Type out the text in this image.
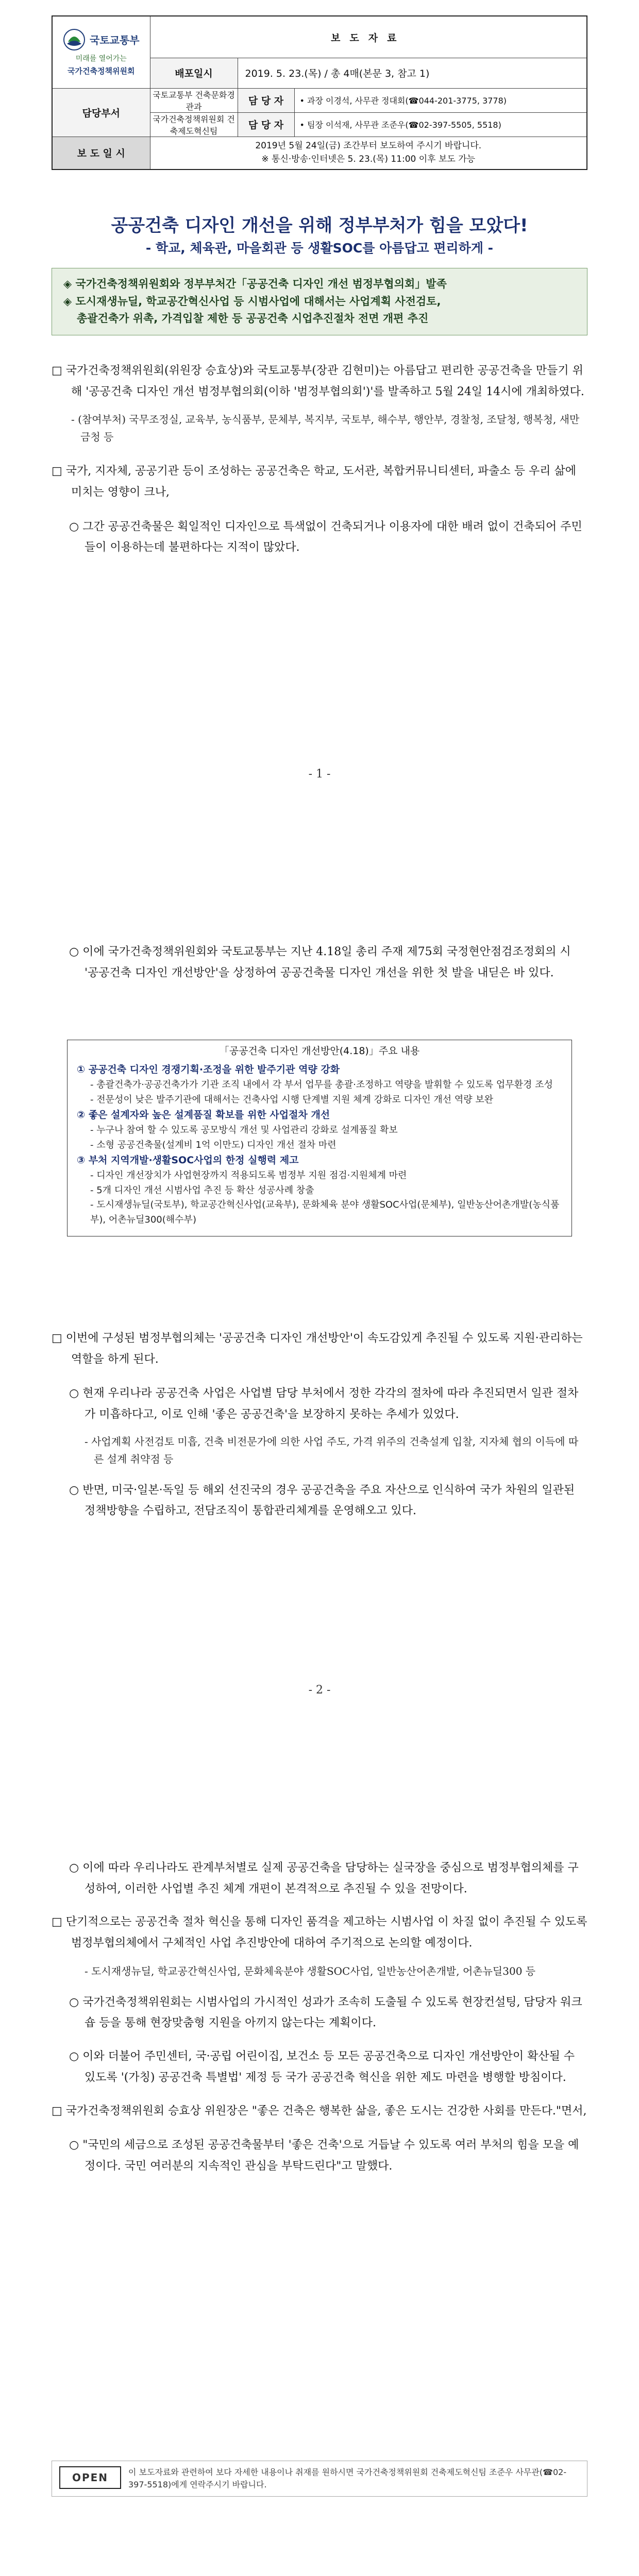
국토교통부
미래를 열어가는
국가건축정책위원회	보도자료		
	배포일시	2019. 5. 23.(목) / 총 4매(본문 3, 참고 1)	
담당부서	국토교통부 건축문화경관과	담 당 자	• 과장 이경석, 사무관 정대회(☎044-201-3775, 3778)
	국가건축정책위원회 건축제도혁신팀	담 당 자	• 팀장 이석재, 사무관 조준우(☎02-397-5505, 5518)
보 도 일 시	2019년 5월 24일(금) 조간부터 보도하여 주시기 바랍니다.
※ 통신·방송·인터넷은 5. 23.(목) 11:00 이후 보도 가능		
공공건축 디자인 개선을 위해 정부부처가 힘을 모았다!
- 학교, 체육관, 마을회관 등 생활SOC를 아름답고 편리하게 -

◈ 국가건축정책위원회와 정부부처간「공공건축 디자인 개선 범정부협의회」발족

◈ 도시재생뉴딜, 학교공간혁신사업 등 시범사업에 대해서는 사업계획 사전검토,

총괄건축가 위촉, 가격입찰 제한 등 공공건축 시업추진절차 전면 개편 추진

□ 국가건축정책위원회(위원장 승효상)와 국토교통부(장관 김현미)는 아름답고 편리한 공공건축을 만들기 위해 '공공건축 디자인 개선 범정부협의회(이하 '범정부협의회')'를 발족하고 5월 24일 14시에 개최하였다.

- (참여부처) 국무조정실, 교육부, 농식품부, 문체부, 복지부, 국토부, 해수부, 행안부, 경찰청, 조달청, 행복청, 새만금청 등

□ 국가, 지자체, 공공기관 등이 조성하는 공공건축은 학교, 도서관, 복합커뮤니티센터, 파출소 등 우리 삶에 미치는 영향이 크나,

○ 그간 공공건축물은 획일적인 디자인으로 특색없이 건축되거나 이용자에 대한 배려 없이 건축되어 주민들이 이용하는데 불편하다는 지적이 많았다.

- 1 -

○ 이에 국가건축정책위원회와 국토교통부는 지난 4.18일 총리 주재 제75회 국정현안점검조정회의 시 '공공건축 디자인 개선방안'을 상정하여 공공건축물 디자인 개선을 위한 첫 발을 내딛은 바 있다.

「공공건축 디자인 개선방안(4.18)」주요 내용
① 공공건축 디자인 경쟁기획·조정을 위한 발주기관 역량 강화
- 총괄건축가·공공건축가가 기관 조직 내에서 각 부서 업무를 총괄·조정하고 역량을 발휘할 수 있도록 업무환경 조성
- 전문성이 낮은 발주기관에 대해서는 건축사업 시행 단계별 지원 체계 강화로 디자인 개선 역량 보완
② 좋은 설계자와 높은 설계품질 확보를 위한 사업절차 개선
- 누구나 참여 할 수 있도록 공모방식 개선 및 사업관리 강화로 설계품질 확보
- 소형 공공건축물(설계비 1억 이만도) 디자인 개선 절차 마련
③ 부처 지역개발·생활SOC사업의 한정 실행력 제고
- 디자인 개선장치가 사업현장까지 적용되도록 범정부 지원 점검·지원체계 마련
- 5개 디자인 개선 시범사업 추진 등 확산 성공사례 창출
- 도시재생뉴딜(국토부), 학교공간혁신사업(교육부), 문화체육 분야 생활SOC사업(문체부), 일반농산어촌개발(농식품부), 어촌뉴딜300(해수부)

□ 이번에 구성된 범정부협의체는 '공공건축 디자인 개선방안'이 속도감있게 추진될 수 있도록 지원·관리하는 역할을 하게 된다.

○ 현재 우리나라 공공건축 사업은 사업별 담당 부처에서 정한 각각의 절차에 따라 추진되면서 일관 절차가 미흡하다고, 이로 인해 '좋은 공공건축'을 보장하지 못하는 추세가 있었다.

- 사업계획 사전검토 미흡, 건축 비전문가에 의한 사업 주도, 가격 위주의 건축설계 입찰, 지자체 협의 이득에 따른 설계 취약점 등

○ 반면, 미국·일본·독일 등 해외 선진국의 경우 공공건축을 주요 자산으로 인식하여 국가 차원의 일관된 정책방향을 수립하고, 전담조직이 통합관리체계를 운영해오고 있다.

- 2 -

○ 이에 따라 우리나라도 관계부처별로 실제 공공건축을 담당하는 실국장을 중심으로 범정부협의체를 구성하여, 이러한 사업별 추진 체계 개편이 본격적으로 추진될 수 있을 전망이다.

□ 단기적으로는 공공건축 절차 혁신을 통해 디자인 품격을 제고하는 시범사업 이 차질 없이 추진될 수 있도록 범정부협의체에서 구체적인 사업 추진방안에 대하여 주기적으로 논의할 예정이다.

- 도시재생뉴딜, 학교공간혁신사업, 문화체육분야 생활SOC사업, 일반농산어촌개발, 어촌뉴딜300 등

○ 국가건축정책위원회는 시범사업의 가시적인 성과가 조속히 도출될 수 있도록 현장컨설팅, 담당자 워크숍 등을 통해 현장맞춤형 지원을 아끼지 않는다는 계획이다.

○ 이와 더불어 주민센터, 국·공립 어린이집, 보건소 등 모든 공공건축으로 디자인 개선방안이 확산될 수 있도록 '(가칭) 공공건축 특별법' 제정 등 국가 공공건축 혁신을 위한 제도 마련을 병행할 방침이다.

□ 국가건축정책위원회 승효상 위원장은 "좋은 건축은 행복한 삶을, 좋은 도시는 건강한 사회를 만든다."면서,

○ "국민의 세금으로 조성된 공공건축물부터 '좋은 건축'으로 거듭날 수 있도록 여러 부처의 힘을 모을 예정이다. 국민 여러분의 지속적인 관심을 부탁드린다"고 말했다.

OPEN	이 보도자료와 관련하여 보다 자세한 내용이나 취재를 원하시면 국가건축정책위원회 건축제도혁신팀 조준우 사무관(☎02-397-5518)에게 연락주시기 바랍니다.
